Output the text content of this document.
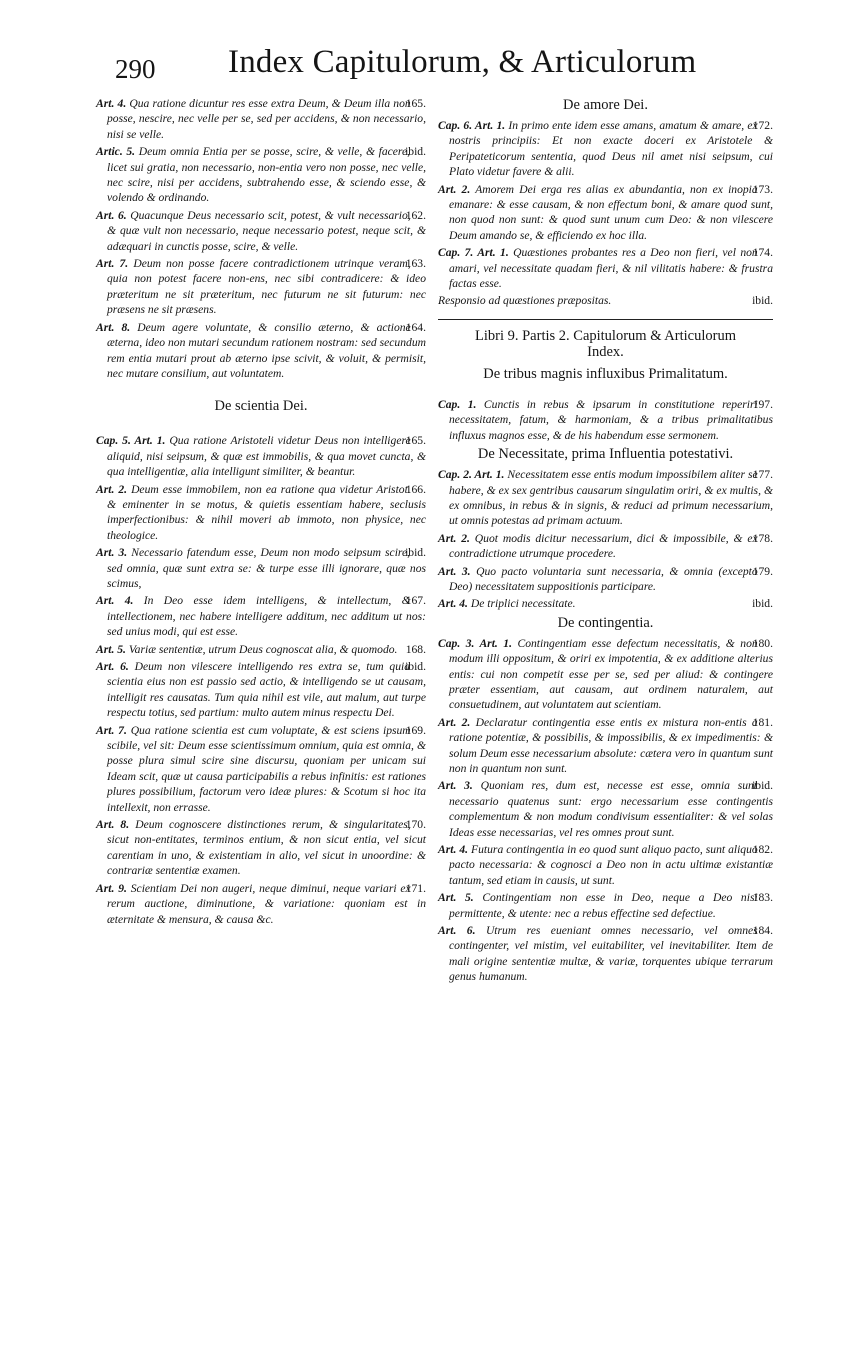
290 Index Capitulorum, & Articulorum
165.
Art. 4. Qua ratione dicuntur res esse extra Deum, & Deum illa non posse, nescire, nec velle per se, sed per accidens, & non necessario, nisi se velle.
ibid.
Artic. 5. Deum omnia Entia per se posse, scire, & velle, & facere, licet sui gratia, non necessario, non-entia vero non posse, nec velle, nec scire, nisi per accidens, subtrahendo esse, & sciendo esse, & volendo & ordinando.
162.
Art. 6. Quacunque Deus necessario scit, potest, & vult necessario, & quæ vult non necessario, neque necessario potest, neque scit, & adæquari in cunctis posse, scire, & velle.
163.
Art. 7. Deum non posse facere contradictionem utrinque veram, quia non potest facere non-ens, nec sibi contradicere: & ideo præteritum ne sit præteritum, nec futurum ne sit futurum: nec præsens ne sit præsens.
164.
Art. 8. Deum agere voluntate, & consilio æterno, & actione æterna, ideo non mutari secundum rationem nostram: sed secundum rem entia mutari prout ab æterno ipse scivit, & voluit, & permisit, nec mutare consilium, aut voluntatem.
De scientia Dei.
165.
Cap. 5. Art. 1. Qua ratione Aristoteli videtur Deus non intelligere aliquid, nisi seipsum, & quæ est immobilis, & qua movet cuncta, & qua intelligentiæ, alia intelligunt similiter, & beantur.
166.
Art. 2. Deum esse immobilem, non ea ratione qua videtur Aristot. & eminenter in se motus, & quietis essentiam habere, seclusis imperfectionibus: & nihil moveri ab immoto, non physice, nec theologice.
ibid.
Art. 3. Necessario fatendum esse, Deum non modo seipsum scire, sed omnia, quæ sunt extra se: & turpe esse illi ignorare, quæ nos scimus,
167.
Art. 4. In Deo esse idem intelligens, & intellectum, & intellectionem, nec habere intelligere additum, nec additum ut nos: sed unius modi, qui est esse.
168.
Art. 5. Variæ sententiæ, utrum Deus cognoscat alia, & quomodo.
ibid.
Art. 6. Deum non vilescere intelligendo res extra se, tum quia scientia eius non est passio sed actio, & intelligendo se ut causam, intelligit res causatas. Tum quia nihil est vile, aut malum, aut turpe respectu totius, sed partium: multo autem minus respectu Dei.
169.
Art. 7. Qua ratione scientia est cum voluptate, & est sciens ipsum scibile, vel sit: Deum esse scientissimum omnium, quia est omnia, & posse plura simul scire sine discursu, quoniam per unicam sui Ideam scit, quæ ut causa participabilis a rebus infinitis: est rationes plures possibilium, factorum vero ideæ plures: & Scotum si hoc ita intellexit, non errasse.
170.
Art. 8. Deum cognoscere distinctiones rerum, & singularitates, sicut non-entitates, terminos entium, & non sicut entia, vel sicut carentiam in uno, & existentiam in alio, vel sicut in unoordine: & contrariæ sententiæ examen.
171.
Art. 9. Scientiam Dei non augeri, neque diminui, neque variari ex rerum auctione, diminutione, & variatione: quoniam est in æternitate & mensura, & causa &c.
De amore Dei.
172.
Cap. 6. Art. 1. In primo ente idem esse amans, amatum & amare, ex nostris principiis: Et non exacte doceri ex Aristotele & Peripateticorum sententia, quod Deus nil amet nisi seipsum, cui Plato videtur favere & alii.
173.
Art. 2. Amorem Dei erga res alias ex abundantia, non ex inopia emanare: & esse causam, & non effectum boni, & amare quod sunt, non quod non sunt: & quod sunt unum cum Deo: & non vilescere Deum amando se, & efficiendo ex hoc illa.
174.
Cap. 7. Art. 1. Quæstiones probantes res a Deo non fieri, vel non amari, vel necessitate quadam fieri, & nil vilitatis habere: & frustra factas esse.
ibid.
Responsio ad quæstiones præpositas.
Libri 9. Partis 2. Capitulorum & Articulorum
Index.
De tribus magnis influxibus Primalitatum.
197.
Cap. 1. Cunctis in rebus & ipsarum in constitutione reperiri necessitatem, fatum, & harmoniam, & a tribus primalitatibus influxus magnos esse, & de his habendum esse sermonem.
De Necessitate, prima Influentia potestativi.
177.
Cap. 2. Art. 1. Necessitatem esse entis modum impossibilem aliter se habere, & ex sex gentribus causarum singulatim oriri, & ex multis, & ex omnibus, in rebus & in signis, & reduci ad primum necessarium, ut omnis potestas ad primam actuum.
178.
Art. 2. Quot modis dicitur necessarium, dici & impossibile, & ex contradictione utrumque procedere.
179.
Art. 3. Quo pacto voluntaria sunt necessaria, & omnia (excepto Deo) necessitatem suppositionis participare.
ibid.
Art. 4. De triplici necessitate.
De contingentia.
180.
Cap. 3. Art. 1. Contingentiam esse defectum necessitatis, & non modum illi oppositum, & oriri ex impotentia, & ex additione alterius entis: cui non competit esse per se, sed per aliud: & contingere præter essentiam, aut causam, aut ordinem naturalem, aut consuetudinem, aut voluntatem aut scientiam.
181.
Art. 2. Declaratur contingentia esse entis ex mistura non-entis a ratione potentiæ, & possibilis, & impossibilis, & ex impedimentis: & solum Deum esse necessarium absolute: cætera vero in quantum sunt non in quantum non sunt.
ibid.
Art. 3. Quoniam res, dum est, necesse est esse, omnia sunt necessario quatenus sunt: ergo necessarium esse contingentis complementum & non modum condivisum essentialiter: & vel solas Ideas esse necessarias, vel res omnes prout sunt.
182.
Art. 4. Futura contingentia in eo quod sunt aliquo pacto, sunt aliquo pacto necessaria: & cognosci a Deo non in actu ultimæ existantiæ tantum, sed etiam in causis, ut sunt.
183.
Art. 5. Contingentiam non esse in Deo, neque a Deo nisi permittente, & utente: nec a rebus effectine sed defectiue.
184.
Art. 6. Utrum res eueniant omnes necessario, vel omnes contingenter, vel mistim, vel euitabiliter, vel inevitabiliter. Item de mali origine sententiæ multæ, & variæ, torquentes ubique terrarum genus humanum.
